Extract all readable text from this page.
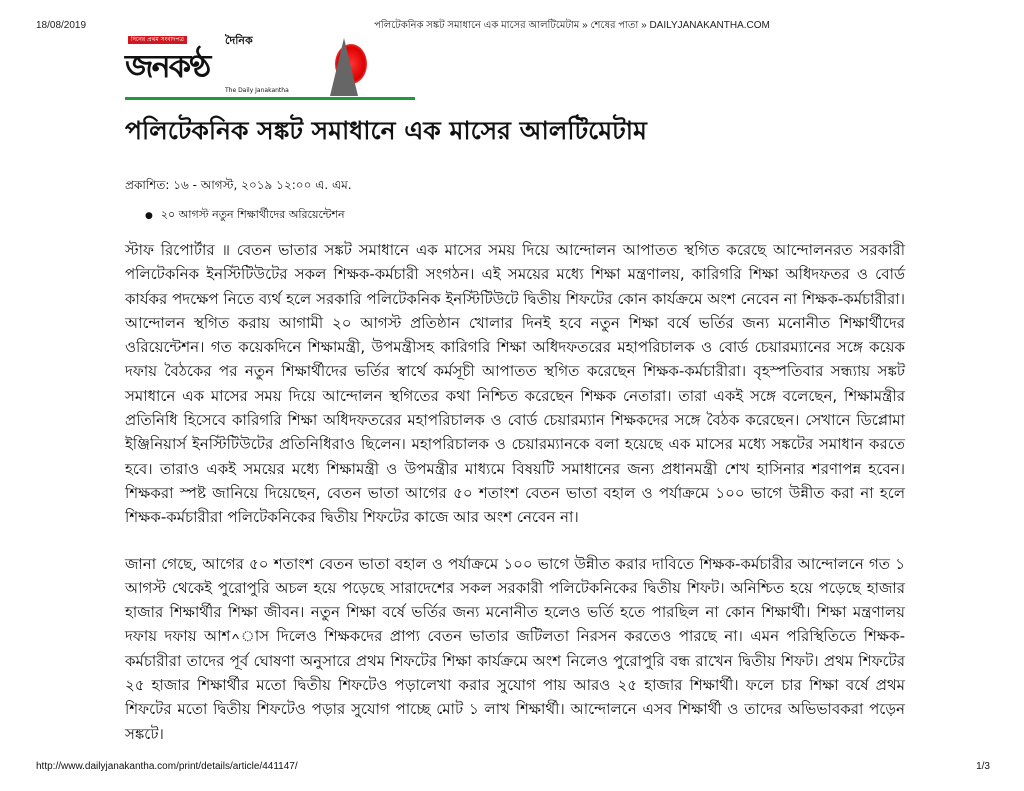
18/08/2019	পলিটেকনিক সঙ্কট সমাধানে এক মাসের আলটিমেটাম » শেষের পাতা » DAILYJANAKANTHA.COM
দিনের প্রথম সংবাদপত্র	দৈনিক
জনকণ্ঠ
The Daily Janakantha
পলিটেকনিক সঙ্কট সমাধানে এক মাসের আলটিমেটাম
প্রকাশিত: ১৬ - আগস্ট, ২০১৯ ১২:০০ এ. এম.
● ২০ আগস্ট নতুন শিক্ষার্থীদের অরিয়েন্টেশন

স্টাফ রিপোর্টার ॥ বেতন ভাতার সঙ্কট সমাধানে এক মাসের সময় দিয়ে আন্দোলন আপাতত স্থগিত করেছে আন্দোলনরত সরকারী পলিটেকনিক ইনস্টিটিউটের সকল শিক্ষক-কর্মচারী সংগঠন। এই সময়ের মধ্যে শিক্ষা মন্ত্রণালয়, কারিগরি শিক্ষা অধিদফতর ও বোর্ড কার্যকর পদক্ষেপ নিতে ব্যর্থ হলে সরকারি পলিটেকনিক ইনস্টিটিউটে দ্বিতীয় শিফটের কোন কার্যক্রমে অংশ নেবেন না শিক্ষক-কর্মচারীরা। আন্দোলন স্থগিত করায় আগামী ২০ আগস্ট প্রতিষ্ঠান খোলার দিনই হবে নতুন শিক্ষা বর্ষে ভর্তির জন্য মনোনীত শিক্ষার্থীদের ওরিয়েন্টেশন। গত কয়েকদিনে শিক্ষামন্ত্রী, উপমন্ত্রীসহ কারিগরি শিক্ষা অধিদফতরের মহাপরিচালক ও বোর্ড চেয়ারম্যানের সঙ্গে কয়েক দফায় বৈঠকের পর নতুন শিক্ষার্থীদের ভর্তির স্বার্থে কর্মসূচী আপাতত স্থগিত করেছেন শিক্ষক-কর্মচারীরা। বৃহস্পতিবার সন্ধ্যায় সঙ্কট সমাধানে এক মাসের সময় দিয়ে আন্দোলন স্থগিতের কথা নিশ্চিত করেছেন শিক্ষক নেতারা। তারা একই সঙ্গে বলেছেন, শিক্ষামন্ত্রীর প্রতিনিধি হিসেবে কারিগরি শিক্ষা অধিদফতরের মহাপরিচালক ও বোর্ড চেয়ারম্যান শিক্ষকদের সঙ্গে বৈঠক করেছেন। সেখানে ডিপ্লোমা ইঞ্জিনিয়ার্স ইনস্টিটিউটের প্রতিনিধিরাও ছিলেন। মহাপরিচালক ও চেয়ারম্যানকে বলা হয়েছে এক মাসের মধ্যে সঙ্কটের সমাধান করতে হবে। তারাও একই সময়ের মধ্যে শিক্ষামন্ত্রী ও উপমন্ত্রীর মাধ্যমে বিষয়টি সমাধানের জন্য প্রধানমন্ত্রী শেখ হাসিনার শরণাপন্ন হবেন। শিক্ষকরা স্পষ্ট জানিয়ে দিয়েছেন, বেতন ভাতা আগের ৫০ শতাংশ বেতন ভাতা বহাল ও পর্যাক্রমে ১০০ ভাগে উন্নীত করা না হলে শিক্ষক-কর্মচারীরা পলিটেকনিকের দ্বিতীয় শিফটের কাজে আর অংশ নেবেন না।

জানা গেছে, আগের ৫০ শতাংশ বেতন ভাতা বহাল ও পর্যাক্রমে ১০০ ভাগে উন্নীত করার দাবিতে শিক্ষক-কর্মচারীর আন্দোলনে গত ১ আগস্ট থেকেই পুরোপুরি অচল হয়ে পড়েছে সারাদেশের সকল সরকারী পলিটেকনিকের দ্বিতীয় শিফট। অনিশ্চিত হয়ে পড়েছে হাজার হাজার শিক্ষার্থীর শিক্ষা জীবন। নতুন শিক্ষা বর্ষে ভর্তির জন্য মনোনীত হলেও ভর্তি হতে পারছিল না কোন শিক্ষার্থী। শিক্ষা মন্ত্রণালয় দফায় দফায় আশ^াস দিলেও শিক্ষকদের প্রাপ্য বেতন ভাতার জটিলতা নিরসন করতেও পারছে না। এমন পরিস্থিতিতে শিক্ষক-কর্মচারীরা তাদের পূর্ব ঘোষণা অনুসারে প্রথম শিফটের শিক্ষা কার্যক্রমে অংশ নিলেও পুরোপুরি বন্ধ রাখেন দ্বিতীয় শিফট। প্রথম শিফটের ২৫ হাজার শিক্ষার্থীর মতো দ্বিতীয় শিফটেও পড়ালেখা করার সুযোগ পায় আরও ২৫ হাজার শিক্ষার্থী। ফলে চার শিক্ষা বর্ষে প্রথম শিফটের মতো দ্বিতীয় শিফটেও পড়ার সুযোগ পাচ্ছে মোট ১ লাখ শিক্ষার্থী। আন্দোলনে এসব শিক্ষার্থী ও তাদের অভিভাবকরা পড়েন সঙ্কটে।

http://www.dailyjanakantha.com/print/details/article/441147/	1/3
